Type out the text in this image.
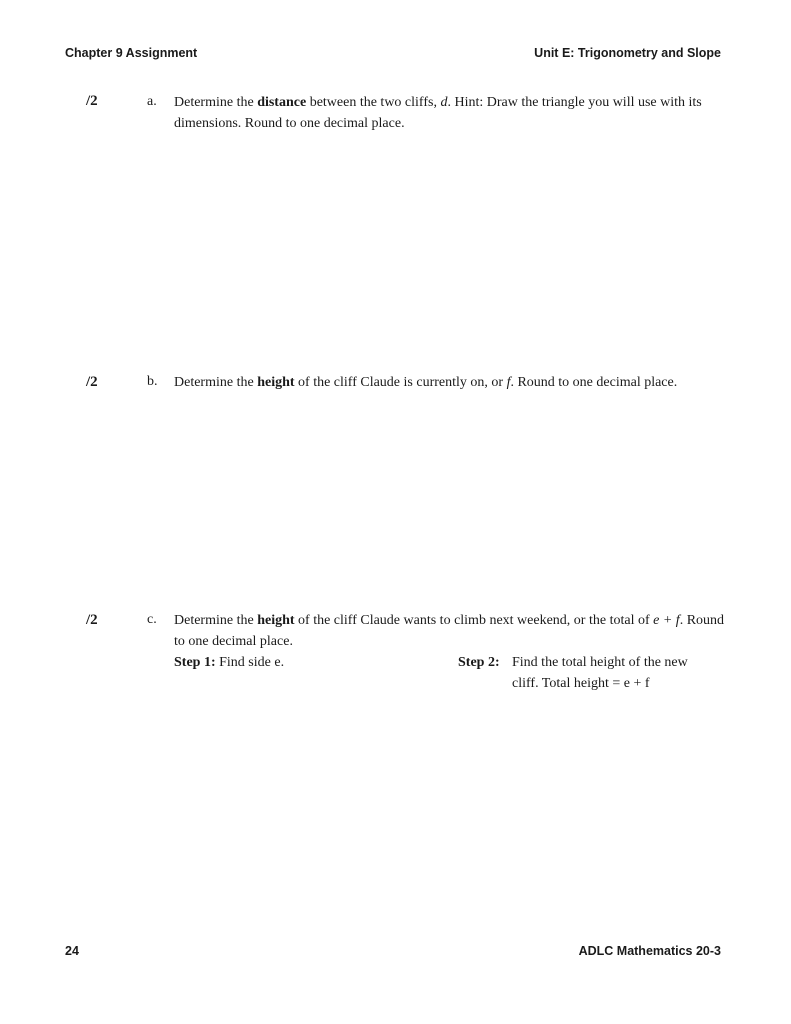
Chapter 9 Assignment	Unit E: Trigonometry and Slope
/2	a. Determine the distance between the two cliffs, d. Hint: Draw the triangle you will use with its dimensions. Round to one decimal place.
/2	b. Determine the height of the cliff Claude is currently on, or f. Round to one decimal place.
/2	c. Determine the height of the cliff Claude wants to climb next weekend, or the total of e + f. Round to one decimal place.
Step 1: Find side e.	Step 2: Find the total height of the new
cliff. Total height = e + f
24	ADLC Mathematics 20-3
